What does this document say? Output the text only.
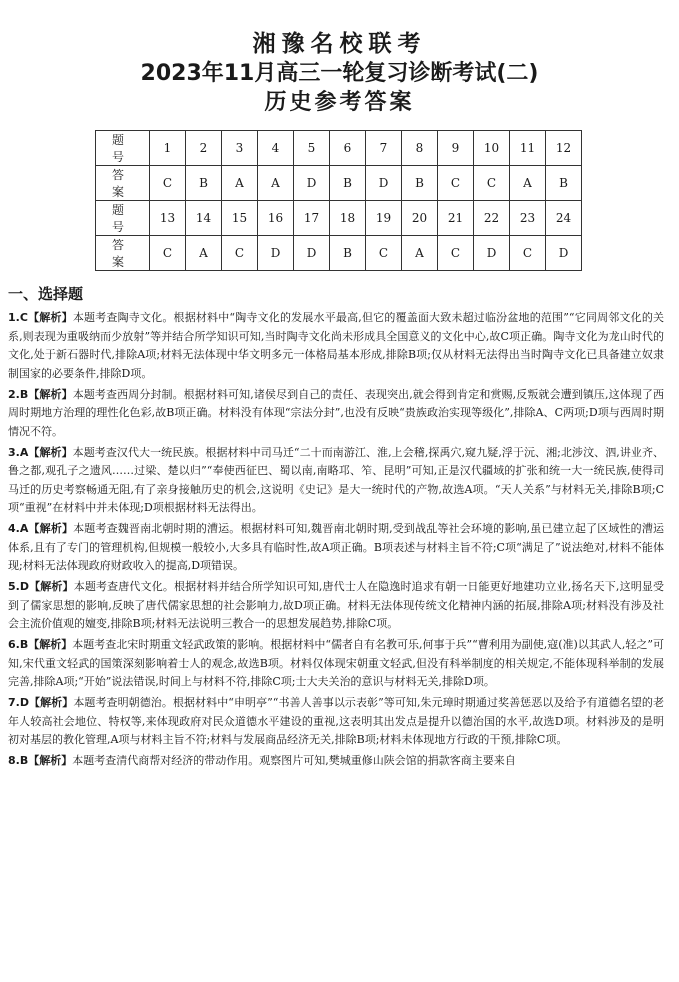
湘豫名校联考
2023年11月高三一轮复习诊断考试(二)
历史参考答案
题 号	1	2	3	4	5	6	7	8	9	10	11	12
答 案	C	B	A	A	D	B	D	B	C	C	A	B
题 号	13	14	15	16	17	18	19	20	21	22	23	24
答 案	C	A	C	D	D	B	C	A	C	D	C	D
一、选择题

1.C【解析】本题考查陶寺文化。根据材料中“陶寺文化的发展水平最高,但它的覆盖面大致未超过临汾盆地的范围”“它同周邻文化的关系,则表现为重吸纳而少放射”等并结合所学知识可知,当时陶寺文化尚未形成具全国意义的文化中心,故C项正确。陶寺文化为龙山时代的文化,处于新石器时代,排除A项;材料无法体现中华文明多元一体格局基本形成,排除B项;仅从材料无法得出当时陶寺文化已具备建立奴隶制国家的必要条件,排除D项。

2.B【解析】本题考查西周分封制。根据材料可知,诸侯尽到自己的责任、表现突出,就会得到肯定和赏赐,反叛就会遭到镇压,这体现了西周时期地方治理的理性化色彩,故B项正确。材料没有体现“宗法分封”,也没有反映“贵族政治实现等级化”,排除A、C两项;D项与西周时期情况不符。

3.A【解析】本题考查汉代大一统民族。根据材料中司马迁“二十而南游江、淮,上会稽,探禹穴,窥九疑,浮于沅、湘;北涉汶、泗,讲业齐、鲁之都,观孔子之遗风……过梁、楚以归”“奉使西征巴、蜀以南,南略邛、笮、昆明”可知,正是汉代疆域的扩张和统一大一统民族,使得司马迁的历史考察畅通无阻,有了亲身接触历史的机会,这说明《史记》是大一统时代的产物,故选A项。“天人关系”与材料无关,排除B项;C项“重视”在材料中并未体现;D项根据材料无法得出。

4.A【解析】本题考查魏晋南北朝时期的漕运。根据材料可知,魏晋南北朝时期,受到战乱等社会环境的影响,虽已建立起了区域性的漕运体系,且有了专门的管理机构,但规模一般较小,大多具有临时性,故A项正确。B项表述与材料主旨不符;C项“满足了”说法绝对,材料不能体现;材料无法体现政府财政收入的提高,D项错误。

5.D【解析】本题考查唐代文化。根据材料并结合所学知识可知,唐代士人在隐逸时追求有朝一日能更好地建功立业,扬名天下,这明显受到了儒家思想的影响,反映了唐代儒家思想的社会影响力,故D项正确。材料无法体现传统文化精神内涵的拓展,排除A项;材料没有涉及社会主流价值观的嬗变,排除B项;材料无法说明三教合一的思想发展趋势,排除C项。

6.B【解析】本题考查北宋时期重文轻武政策的影响。根据材料中“儒者自有名教可乐,何事于兵”“曹利用为副使,寇(准)以其武人,轻之”可知,宋代重文轻武的国策深刻影响着士人的观念,故选B项。材料仅体现宋朝重文轻武,但没有科举制度的相关规定,不能体现科举制的发展完善,排除A项;“开始”说法错误,时间上与材料不符,排除C项;士大夫关治的意识与材料无关,排除D项。

7.D【解析】本题考查明朝德治。根据材料中“申明亭”“书善人善事以示表彰”等可知,朱元璋时期通过奖善惩恶以及给予有道德名望的老年人较高社会地位、特权等,来体现政府对民众道德水平建设的重视,这表明其出发点是提升以德治国的水平,故选D项。材料涉及的是明初对基层的教化管理,A项与材料主旨不符;材料与发展商品经济无关,排除B项;材料未体现地方行政的干预,排除C项。

8.B【解析】本题考查清代商帮对经济的带动作用。观察图片可知,樊城重修山陕会馆的捐款客商主要来自
